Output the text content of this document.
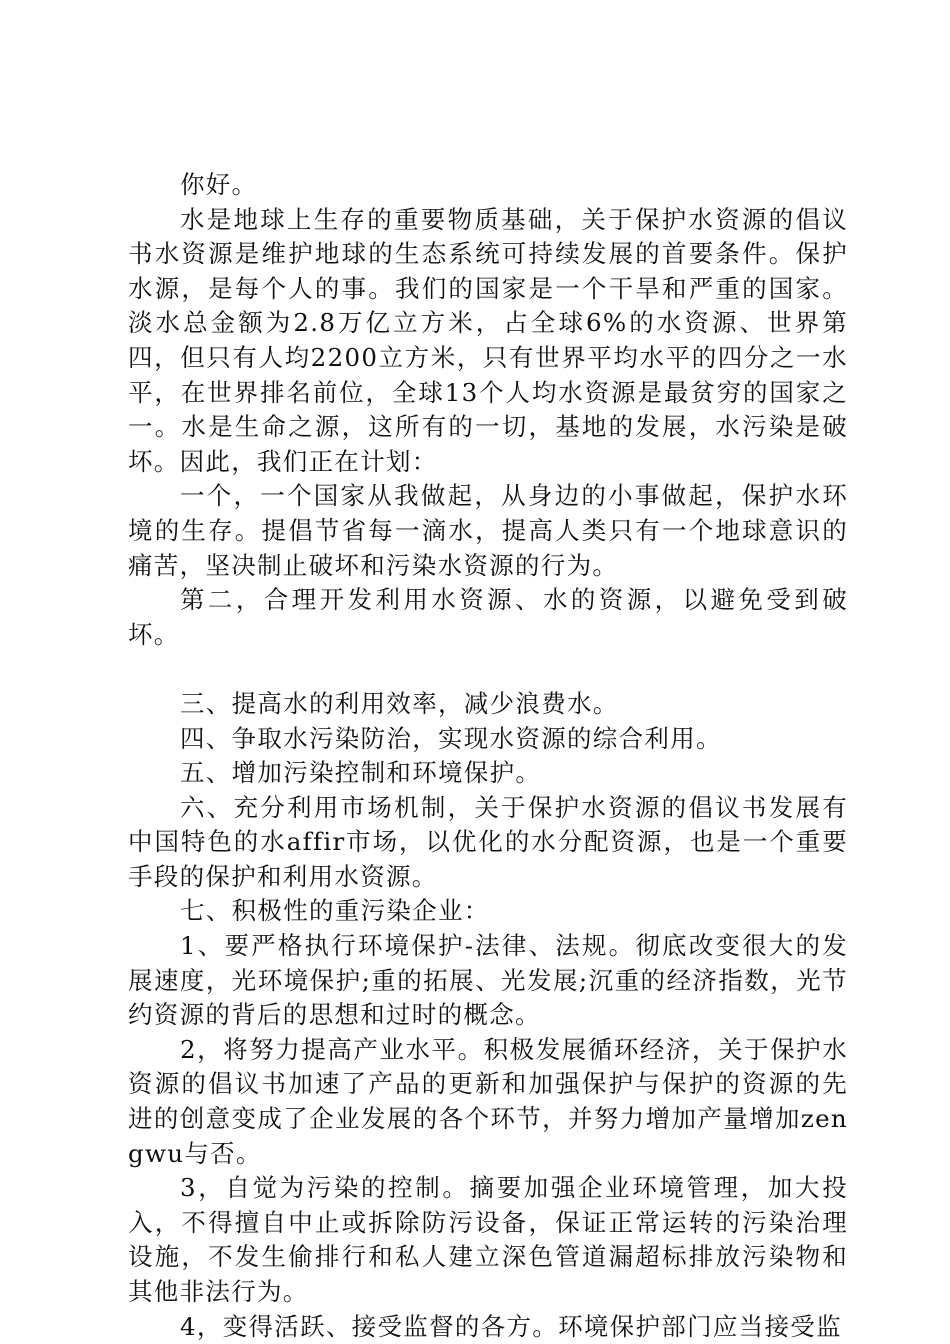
你好。

水是地球上生存的重要物质基础，关于保护水资源的倡议书水资源是维护地球的生态系统可持续发展的首要条件。保护水源，是每个人的事。我们的国家是一个干旱和严重的国家。淡水总金额为2.8万亿立方米，占全球6%的水资源、世界第四，但只有人均2200立方米，只有世界平均水平的四分之一水平，在世界排名前位，全球13个人均水资源是最贫穷的国家之一。水是生命之源，这所有的一切，基地的发展，水污染是破坏。因此，我们正在计划：

一个，一个国家从我做起，从身边的小事做起，保护水环境的生存。提倡节省每一滴水，提高人类只有一个地球意识的痛苦，坚决制止破坏和污染水资源的行为。

第二，合理开发利用水资源、水的资源，以避免受到破坏。

三、提高水的利用效率，减少浪费水。

四、争取水污染防治，实现水资源的综合利用。

五、增加污染控制和环境保护。

六、充分利用市场机制，关于保护水资源的倡议书发展有中国特色的水affir市场，以优化的水分配资源，也是一个重要手段的保护和利用水资源。

七、积极性的重污染企业：

1、要严格执行环境保护-法律、法规。彻底改变很大的发展速度，光环境保护;重的拓展、光发展;沉重的经济指数，光节约资源的背后的思想和过时的概念。

2，将努力提高产业水平。积极发展循环经济，关于保护水资源的倡议书加速了产品的更新和加强保护与保护的资源的先进的创意变成了企业发展的各个环节，并努力增加产量增加zengwu与否。

3，自觉为污染的控制。摘要加强企业环境管理，加大投入，不得擅自中止或拆除防污设备，保证正常运转的污染治理设施，不发生偷排行和私人建立深色管道漏超标排放污染物和其他非法行为。

4，变得活跃、接受监督的各方。环境保护部门应当接受监
